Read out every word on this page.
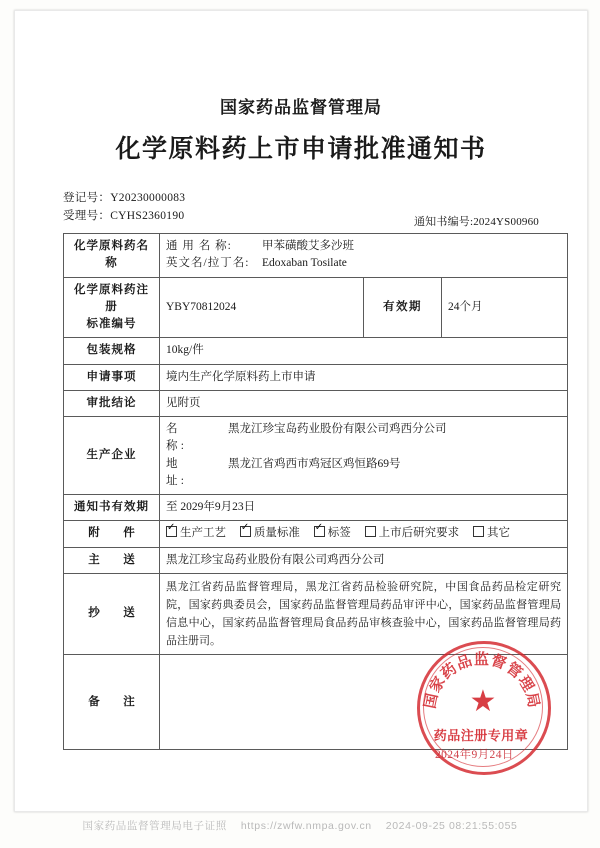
国家药品监督管理局
化学原料药上市申请批准通知书
登记号：Y20230000083
受理号：CYHS2360190	通知书编号:2024YS00960
化学原料药名称	通 用 名 称: 甲苯磺酸艾多沙班
英文名/拉丁名: Edoxaban Tosilate		

化学原料药注册
标准编号	YBY70812024	有效期	24个月
包装规格	10kg/件		
申请事项	境内生产化学原料药上市申请		
审批结论	见附页		
生产企业	名　　称:
黑龙江珍宝岛药业股份有限公司鸡西分公司
地　　址:
黑龙江省鸡西市鸡冠区鸡恒路69号		

通知书有效期	至 2029年9月23日		
附　件	✓生产工艺 ✓ 质量标准 ✓ 标签 上市后研究要求 其它
主　送	黑龙江珍宝岛药业股份有限公司鸡西分公司		
抄　送	黑龙江省药品监督管理局，黑龙江省药品检验研究院，中国食品药品检定研究院，国家药典委员会，国家药品监督管理局药品审评中心，国家药品监督管理局信息中心，国家药品监督管理局食品药品审核查验中心，国家药品监督管理局药品注册司。		

备　注				国家药品监督管理局
★
药品注册专用章
2024年9月24日
国家药品监督管理局电子证照 https://zwfw.nmpa.gov.cn 2024-09-25 08:21:55:055
